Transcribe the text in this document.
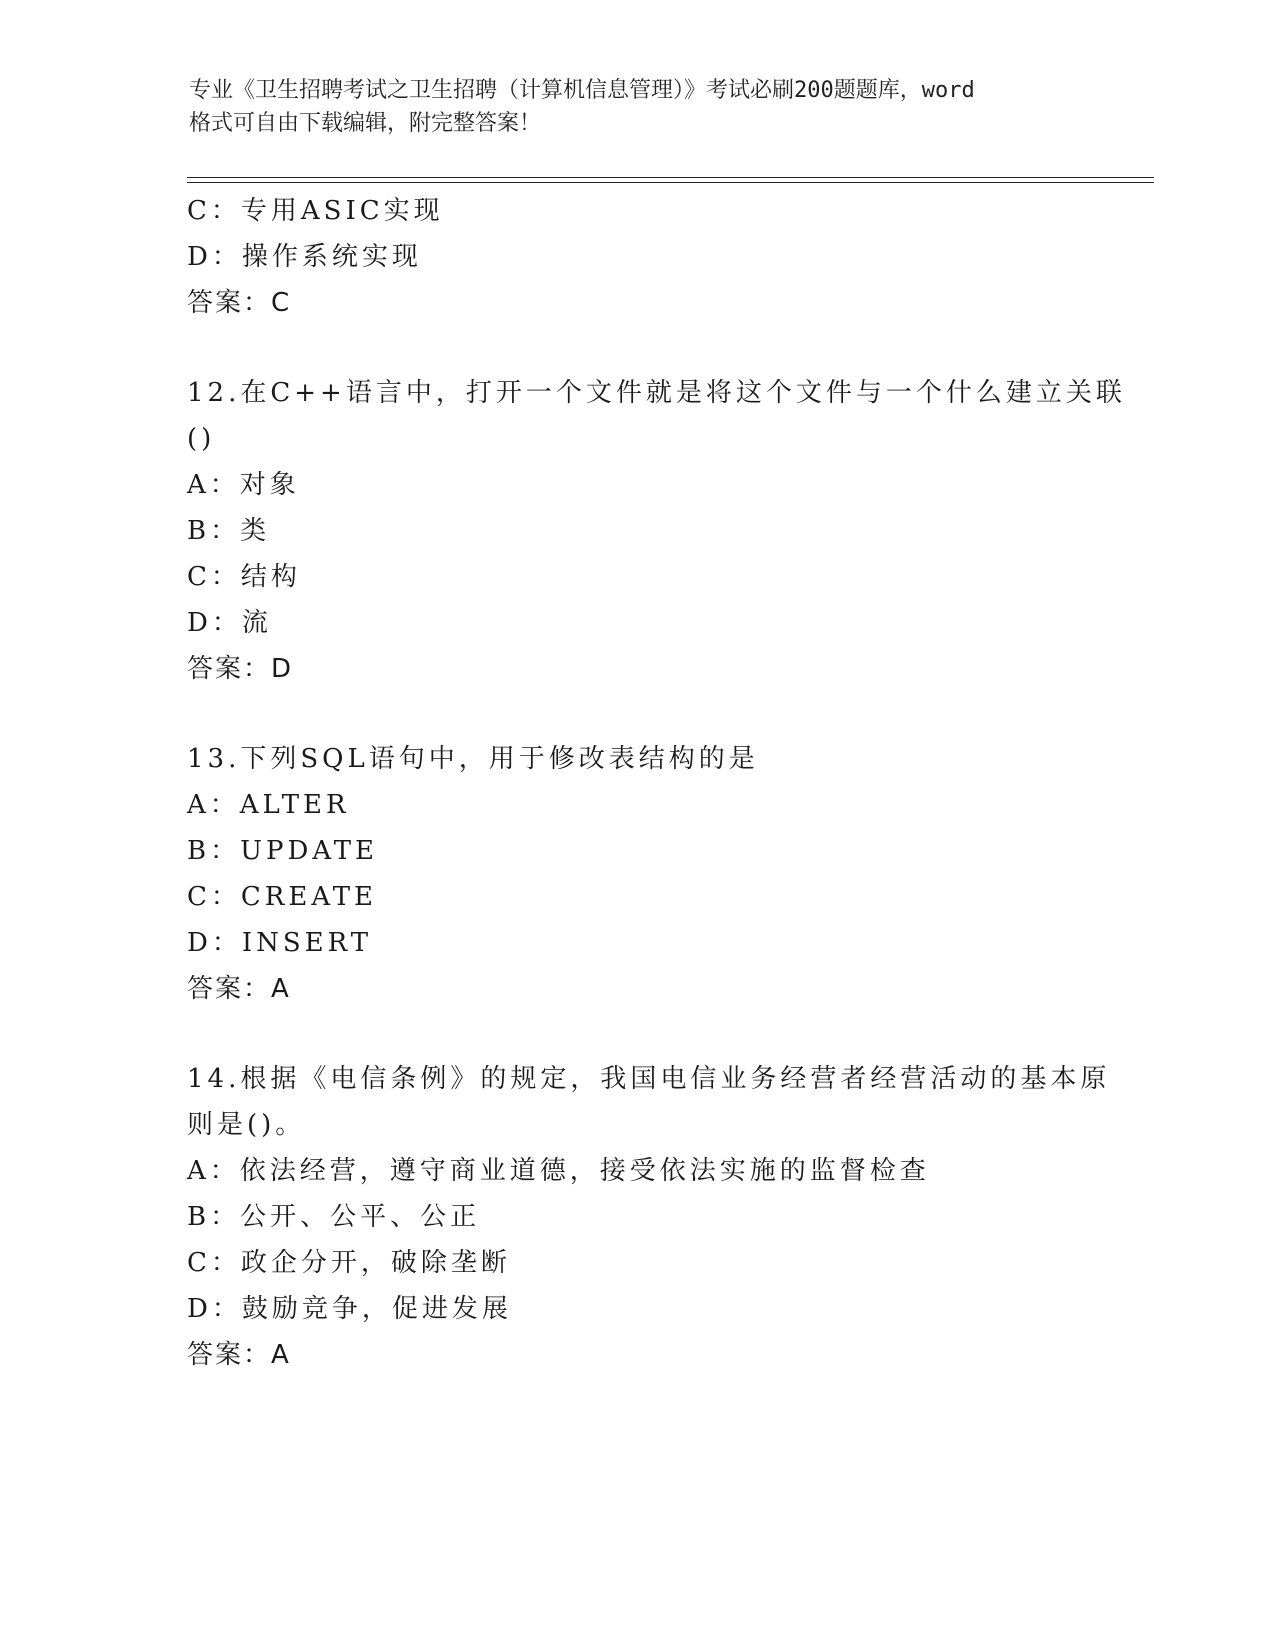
专业《卫生招聘考试之卫生招聘（计算机信息管理）》考试必刷200题题库，word
格式可自由下载编辑，附完整答案！
C：专用ASIC实现
D：操作系统实现
答案：C
12.在C++语言中，打开一个文件就是将这个文件与一个什么建立关联
()
A：对象
B：类
C：结构
D：流
答案：D
13.下列SQL语句中，用于修改表结构的是
A：ALTER
B：UPDATE
C：CREATE
D：INSERT
答案：A
14.根据《电信条例》的规定，我国电信业务经营者经营活动的基本原
则是()。
A：依法经营，遵守商业道德，接受依法实施的监督检查
B：公开、公平、公正
C：政企分开，破除垄断
D：鼓励竞争，促进发展
答案：A
